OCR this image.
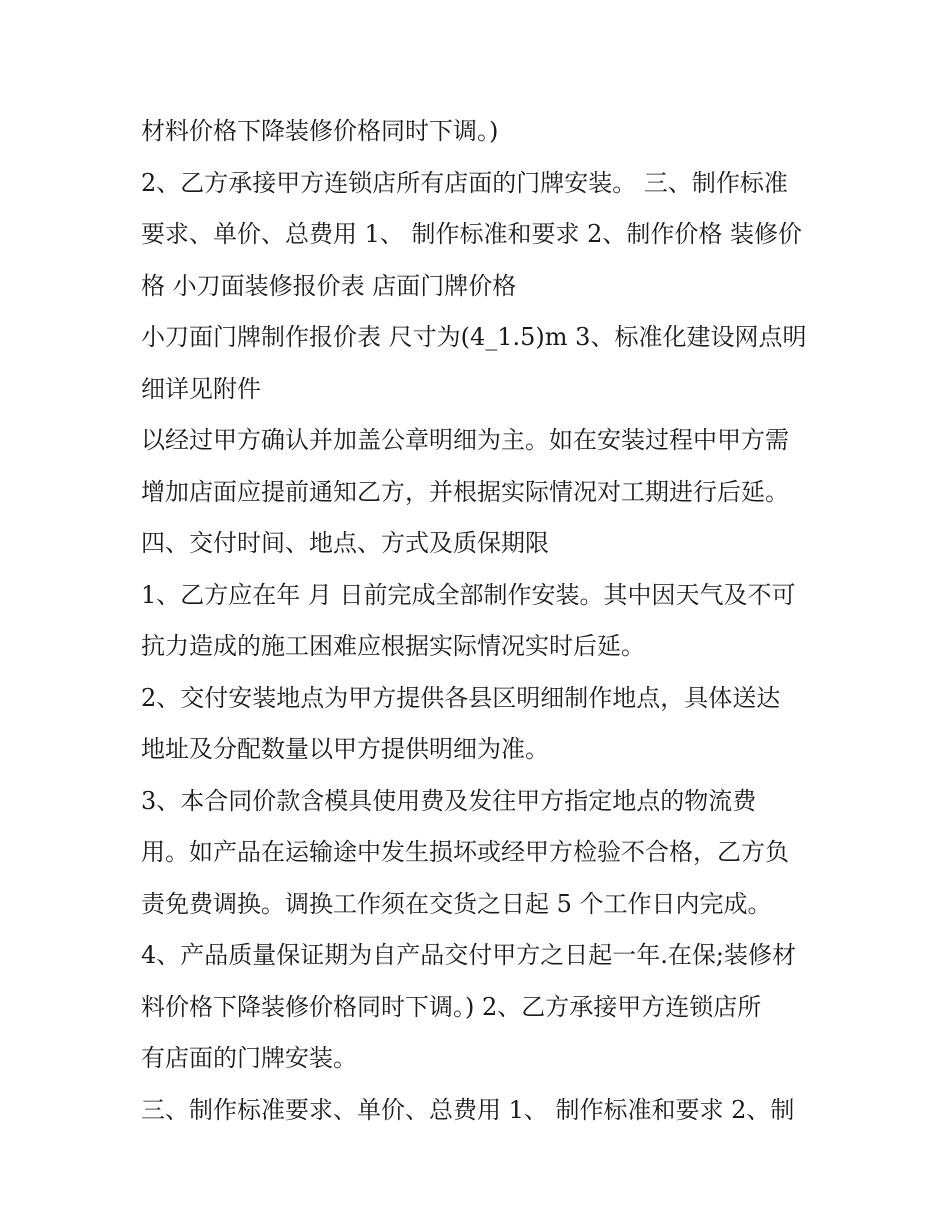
材料价格下降装修价格同时下调。)
2、乙方承接甲方连锁店所有店面的门牌安装。 三、制作标准
要求、单价、总费用 1、 制作标准和要求 2、制作价格 装修价
格 小刀面装修报价表 店面门牌价格
小刀面门牌制作报价表 尺寸为(4_1.5)m 3、标准化建设网点明
细详见附件
以经过甲方确认并加盖公章明细为主。如在安装过程中甲方需
增加店面应提前通知乙方，并根据实际情况对工期进行后延。
四、交付时间、地点、方式及质保期限
1、乙方应在年 月 日前完成全部制作安装。其中因天气及不可
抗力造成的施工困难应根据实际情况实时后延。
2、交付安装地点为甲方提供各县区明细制作地点，具体送达
地址及分配数量以甲方提供明细为准。
3、本合同价款含模具使用费及发往甲方指定地点的物流费
用。如产品在运输途中发生损坏或经甲方检验不合格，乙方负
责免费调换。调换工作须在交货之日起 5 个工作日内完成。
4、产品质量保证期为自产品交付甲方之日起一年.在保;装修材
料价格下降装修价格同时下调。) 2、乙方承接甲方连锁店所
有店面的门牌安装。
三、制作标准要求、单价、总费用 1、 制作标准和要求 2、制
